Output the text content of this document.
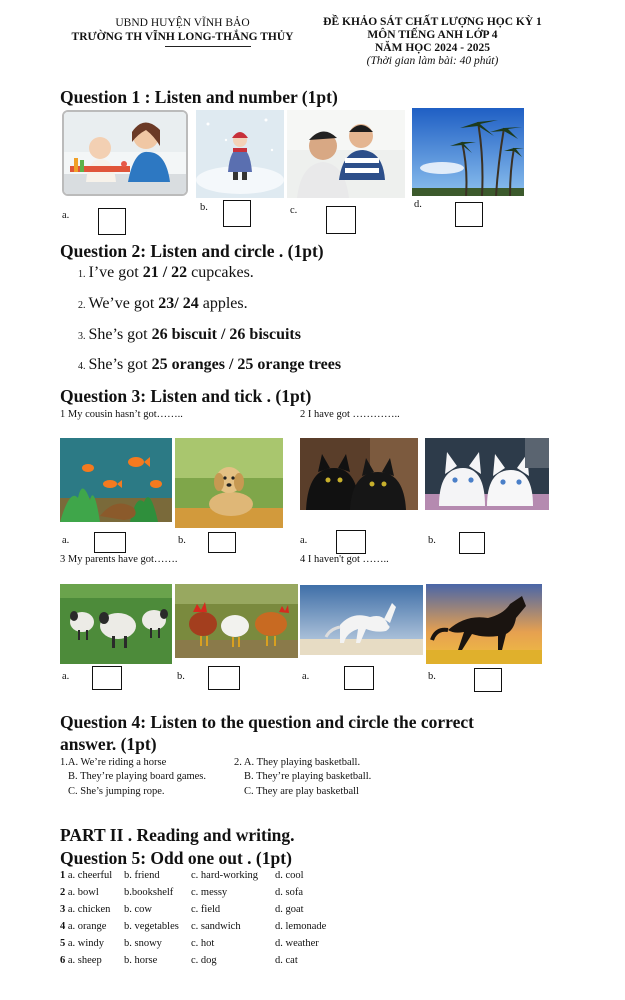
UBND HUYỆN VĨNH BẢO
TRƯỜNG TH VĨNH LONG-THẮNG THỦY
ĐỀ KHẢO SÁT CHẤT LƯỢNG HỌC KỲ 1
MÔN TIẾNG ANH LỚP 4
NĂM HỌC 2024 - 2025
(Thời gian làm bài: 40 phút)
Question 1 : Listen and number (1pt)
a.
b.	c.
d.
Question 2: Listen and circle . (1pt)
1. I’ve got 21 / 22 cupcakes.
2. We’ve got 23/ 24 apples.
3. She’s got 26 biscuit / 26 biscuits
4. She’s got 25 oranges / 25 orange trees
Question 3: Listen and tick . (1pt)
1 My cousin hasn’t got……..	2 I have got …………..
a.	b.	a.	b.
3 My parents have got…….	4 I haven't got ……..
a.	b.	a.	b.
Question 4: Listen to the question and circle the correct
answer. (1pt)
1.A. We’re riding a horse
B. They’re playing board games.
C. She’s jumping rope.
2. A. They playing basketball.
B. They’re playing basketball.
C. They are play basketball
PART II . Reading and writing.
Question 5: Odd one out . (1pt)
1 a. cheerful b. friend	c. hard-working d. cool
2 a. bowl b.bookshelf c. messy	d. sofa
3 a. chicken b. cow	c. field	d. goat
4 a. orange b. vegetables c. sandwich	d. lemonade
5 a. windy b. snowy	c. hot	d. weather
6 a. sheep b. horse	c. dog	d. cat
